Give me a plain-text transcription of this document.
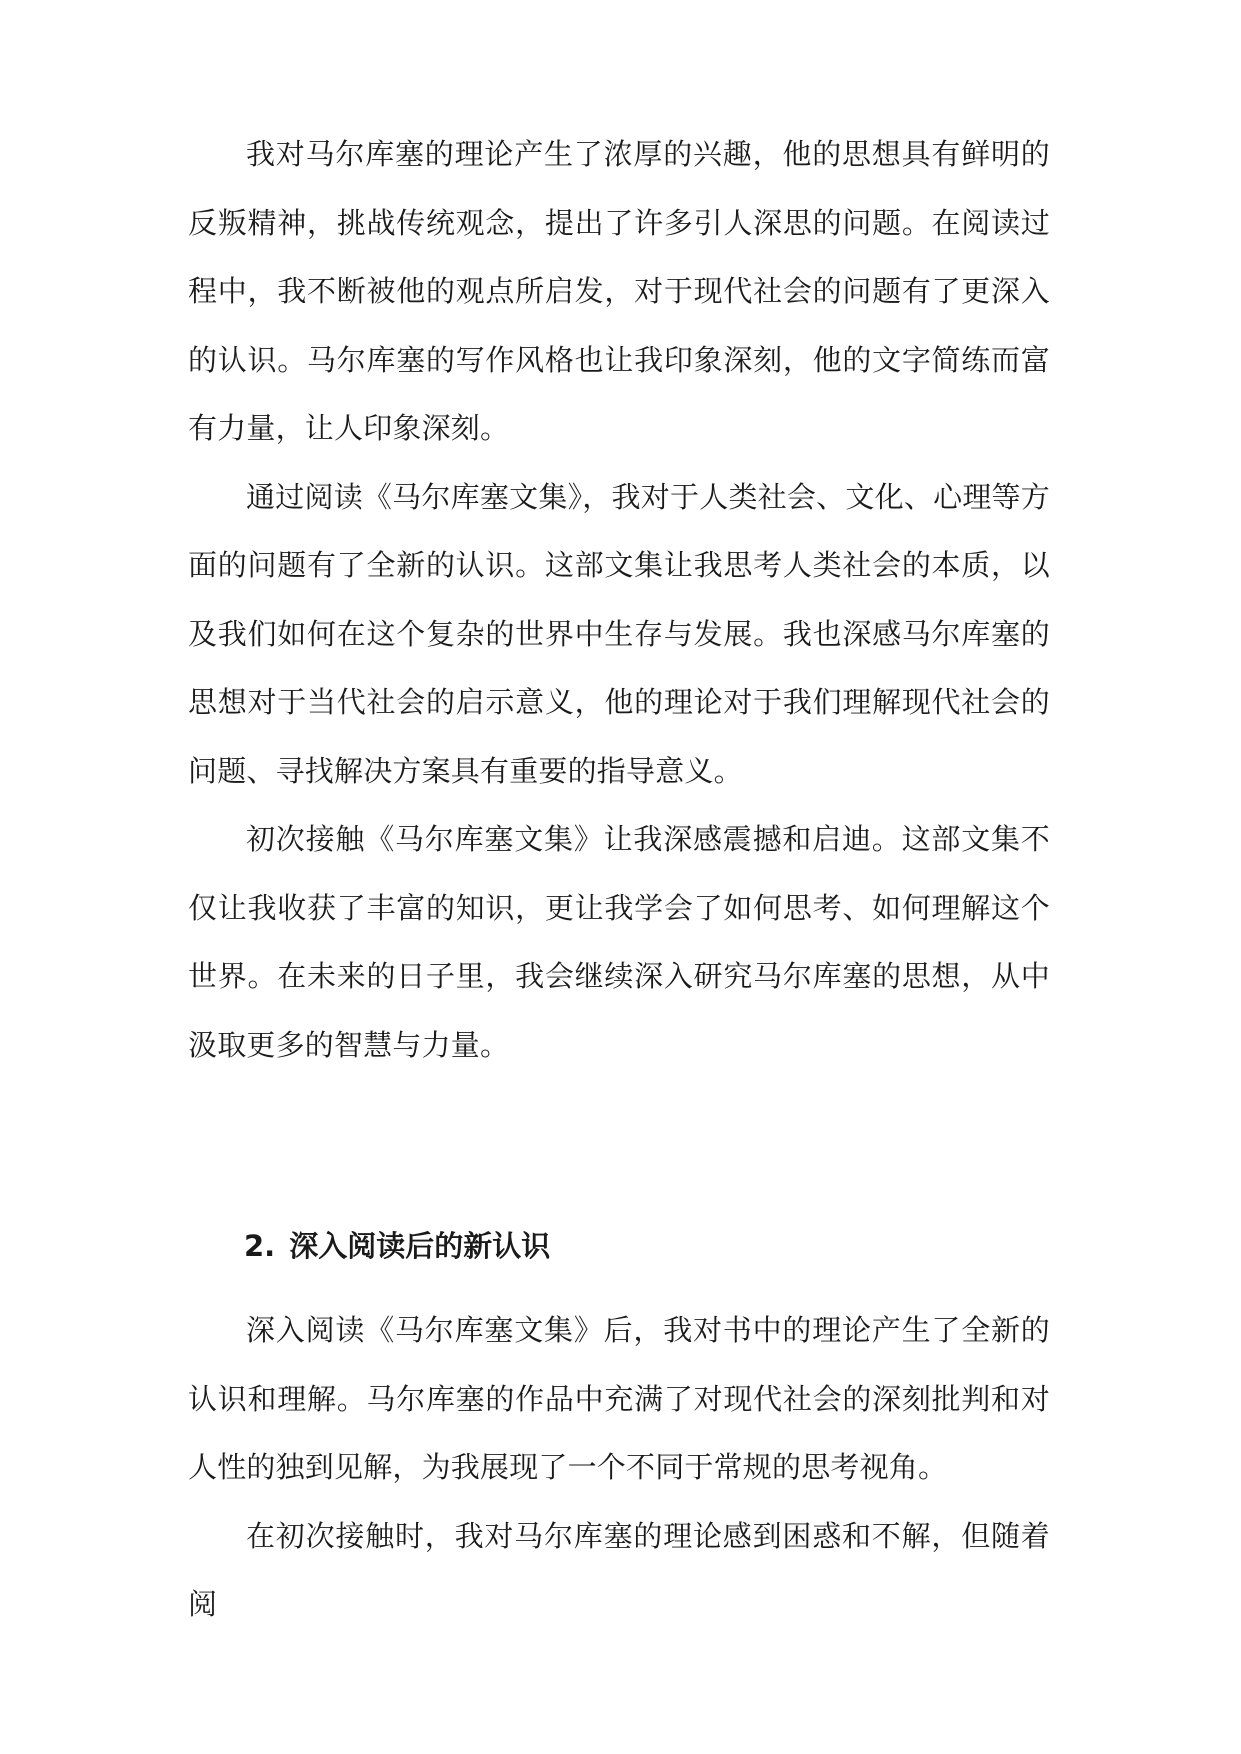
我对马尔库塞的理论产生了浓厚的兴趣，他的思想具有鲜明的反叛精神，挑战传统观念，提出了许多引人深思的问题。在阅读过程中，我不断被他的观点所启发，对于现代社会的问题有了更深入的认识。马尔库塞的写作风格也让我印象深刻，他的文字简练而富有力量，让人印象深刻。

通过阅读《马尔库塞文集》，我对于人类社会、文化、心理等方面的问题有了全新的认识。这部文集让我思考人类社会的本质，以及我们如何在这个复杂的世界中生存与发展。我也深感马尔库塞的思想对于当代社会的启示意义，他的理论对于我们理解现代社会的问题、寻找解决方案具有重要的指导意义。

初次接触《马尔库塞文集》让我深感震撼和启迪。这部文集不仅让我收获了丰富的知识，更让我学会了如何思考、如何理解这个世界。在未来的日子里，我会继续深入研究马尔库塞的思想，从中汲取更多的智慧与力量。

2. 深入阅读后的新认识

深入阅读《马尔库塞文集》后，我对书中的理论产生了全新的认识和理解。马尔库塞的作品中充满了对现代社会的深刻批判和对人性的独到见解，为我展现了一个不同于常规的思考视角。

在初次接触时，我对马尔库塞的理论感到困惑和不解，但随着阅
